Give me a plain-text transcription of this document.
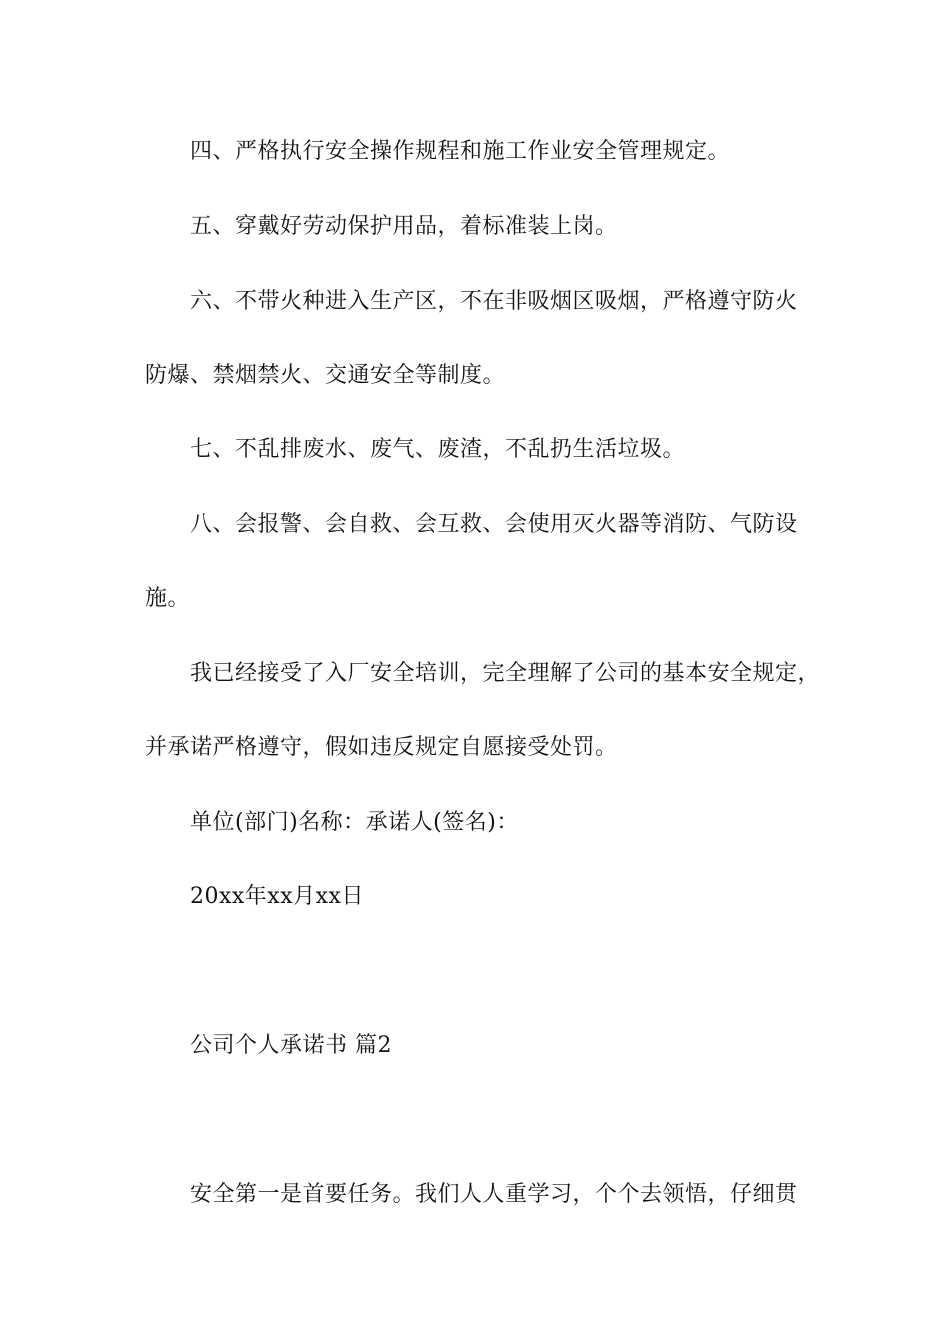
四、严格执行安全操作规程和施工作业安全管理规定。
五、穿戴好劳动保护用品，着标准装上岗。
六、不带火种进入生产区，不在非吸烟区吸烟，严格遵守防火
防爆、禁烟禁火、交通安全等制度。
七、不乱排废水、废气、废渣，不乱扔生活垃圾。
八、会报警、会自救、会互救、会使用灭火器等消防、气防设
施。
我已经接受了入厂安全培训，完全理解了公司的基本安全规定，
并承诺严格遵守，假如违反规定自愿接受处罚。
单位(部门)名称：承诺人(签名)：
20xx年xx月xx日
公司个人承诺书 篇2
安全第一是首要任务。我们人人重学习，个个去领悟，仔细贯
